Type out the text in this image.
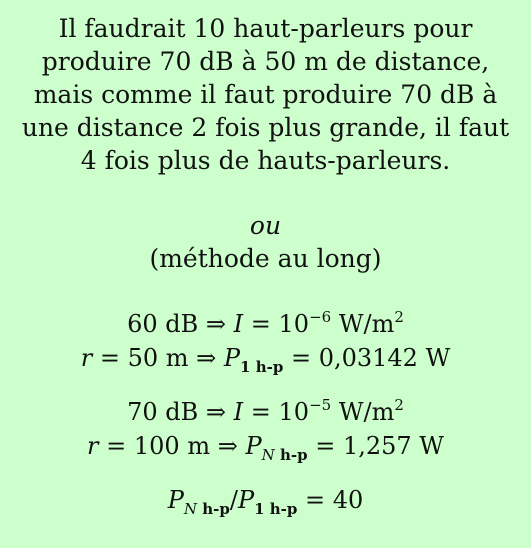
Il faudrait 10 haut-parleurs pour
produire 70 dB à 50 m de distance,
mais comme il faut produire 70 dB à
une distance 2 fois plus grande, il faut
4 fois plus de hauts-parleurs.
ou
(méthode au long)
60 dB ⇒ $I = 10^{-6}$ $W/m^2$
r = 50 m ⇒ $P_{1 h-p} = 0,03142$ W
70 dB ⇒ $I = 10^{-5}$ $W/m^2$
r = 100 m ⇒ $P_{N h-p} = 1,257$ W
$P_{N h-p}/P_{1 h-p} = 40$
